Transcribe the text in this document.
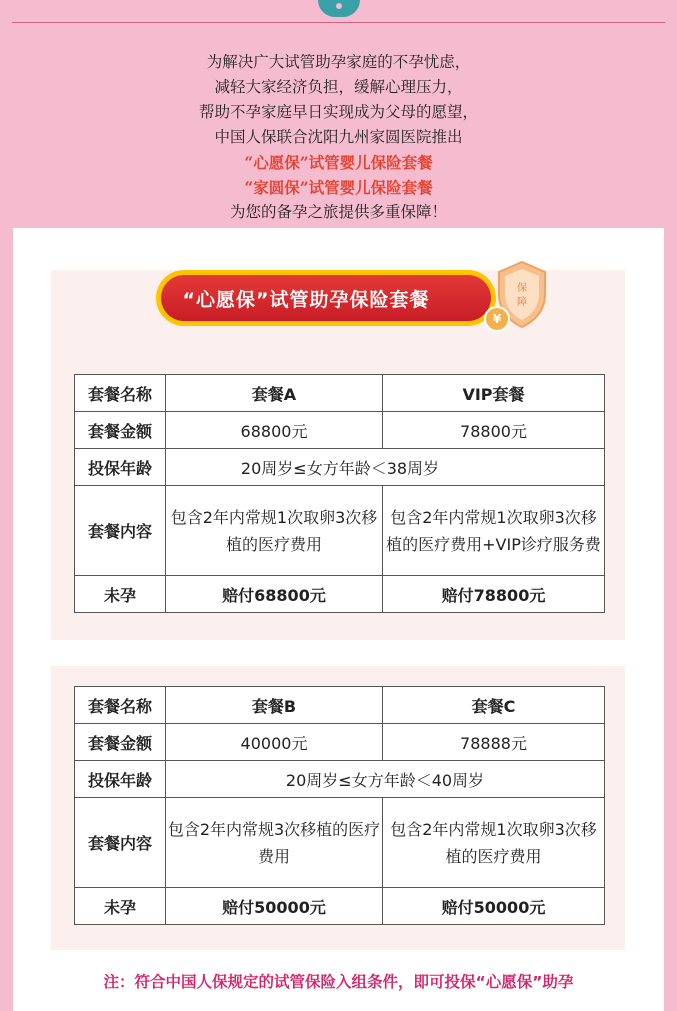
为解决广大试管助孕家庭的不孕忧虑，
减轻大家经济负担，缓解心理压力，
帮助不孕家庭早日实现成为父母的愿望，
中国人保联合沈阳九州家圆医院推出
“心愿保”试管婴儿保险套餐
“家圆保”试管婴儿保险套餐
为您的备孕之旅提供多重保障！
“心愿保”试管助孕保险套餐	保
障
¥
套餐名称	套餐A	VIP套餐
套餐金额	68800元	78800元
投保年龄	20周岁≤女方年龄＜38周岁	
套餐内容	包含2年内常规1次取卵3次移植的医疗费用	包含2年内常规1次取卵3次移植的医疗费用+VIP诊疗服务费
未孕	赔付68800元	赔付78800元
套餐名称	套餐B	套餐C
套餐金额	40000元	78888元
投保年龄	20周岁≤女方年龄＜40周岁	
套餐内容	包含2年内常规3次移植的医疗费用	包含2年内常规1次取卵3次移植的医疗费用
未孕	赔付50000元	赔付50000元
注：符合中国人保规定的试管保险入组条件，即可投保“心愿保”助孕
